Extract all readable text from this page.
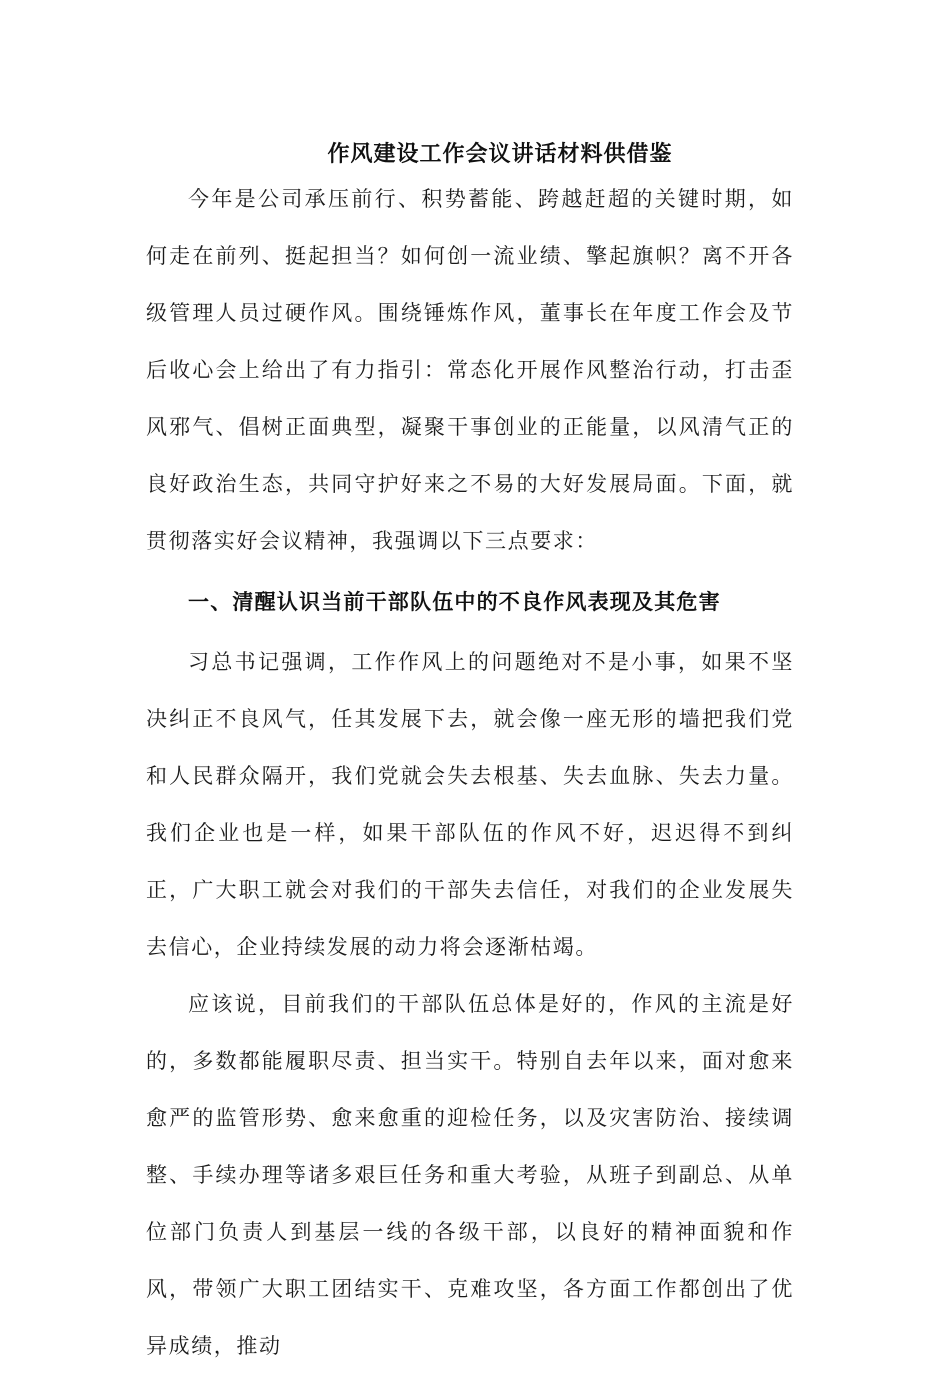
作风建设工作会议讲话材料供借鉴

今年是公司承压前行、积势蓄能、跨越赶超的关键时期，如何走在前列、挺起担当？如何创一流业绩、擎起旗帜？离不开各级管理人员过硬作风。围绕锤炼作风，董事长在年度工作会及节后收心会上给出了有力指引：常态化开展作风整治行动，打击歪风邪气、倡树正面典型，凝聚干事创业的正能量，以风清气正的良好政治生态，共同守护好来之不易的大好发展局面。下面，就贯彻落实好会议精神，我强调以下三点要求：

一、清醒认识当前干部队伍中的不良作风表现及其危害

习总书记强调，工作作风上的问题绝对不是小事，如果不坚决纠正不良风气，任其发展下去，就会像一座无形的墙把我们党和人民群众隔开，我们党就会失去根基、失去血脉、失去力量。我们企业也是一样，如果干部队伍的作风不好，迟迟得不到纠正，广大职工就会对我们的干部失去信任，对我们的企业发展失去信心，企业持续发展的动力将会逐渐枯竭。

应该说，目前我们的干部队伍总体是好的，作风的主流是好的，多数都能履职尽责、担当实干。特别自去年以来，面对愈来愈严的监管形势、愈来愈重的迎检任务，以及灾害防治、接续调整、手续办理等诸多艰巨任务和重大考验，从班子到副总、从单位部门负责人到基层一线的各级干部，以良好的精神面貌和作风，带领广大职工团结实干、克难攻坚，各方面工作都创出了优异成绩，推动
